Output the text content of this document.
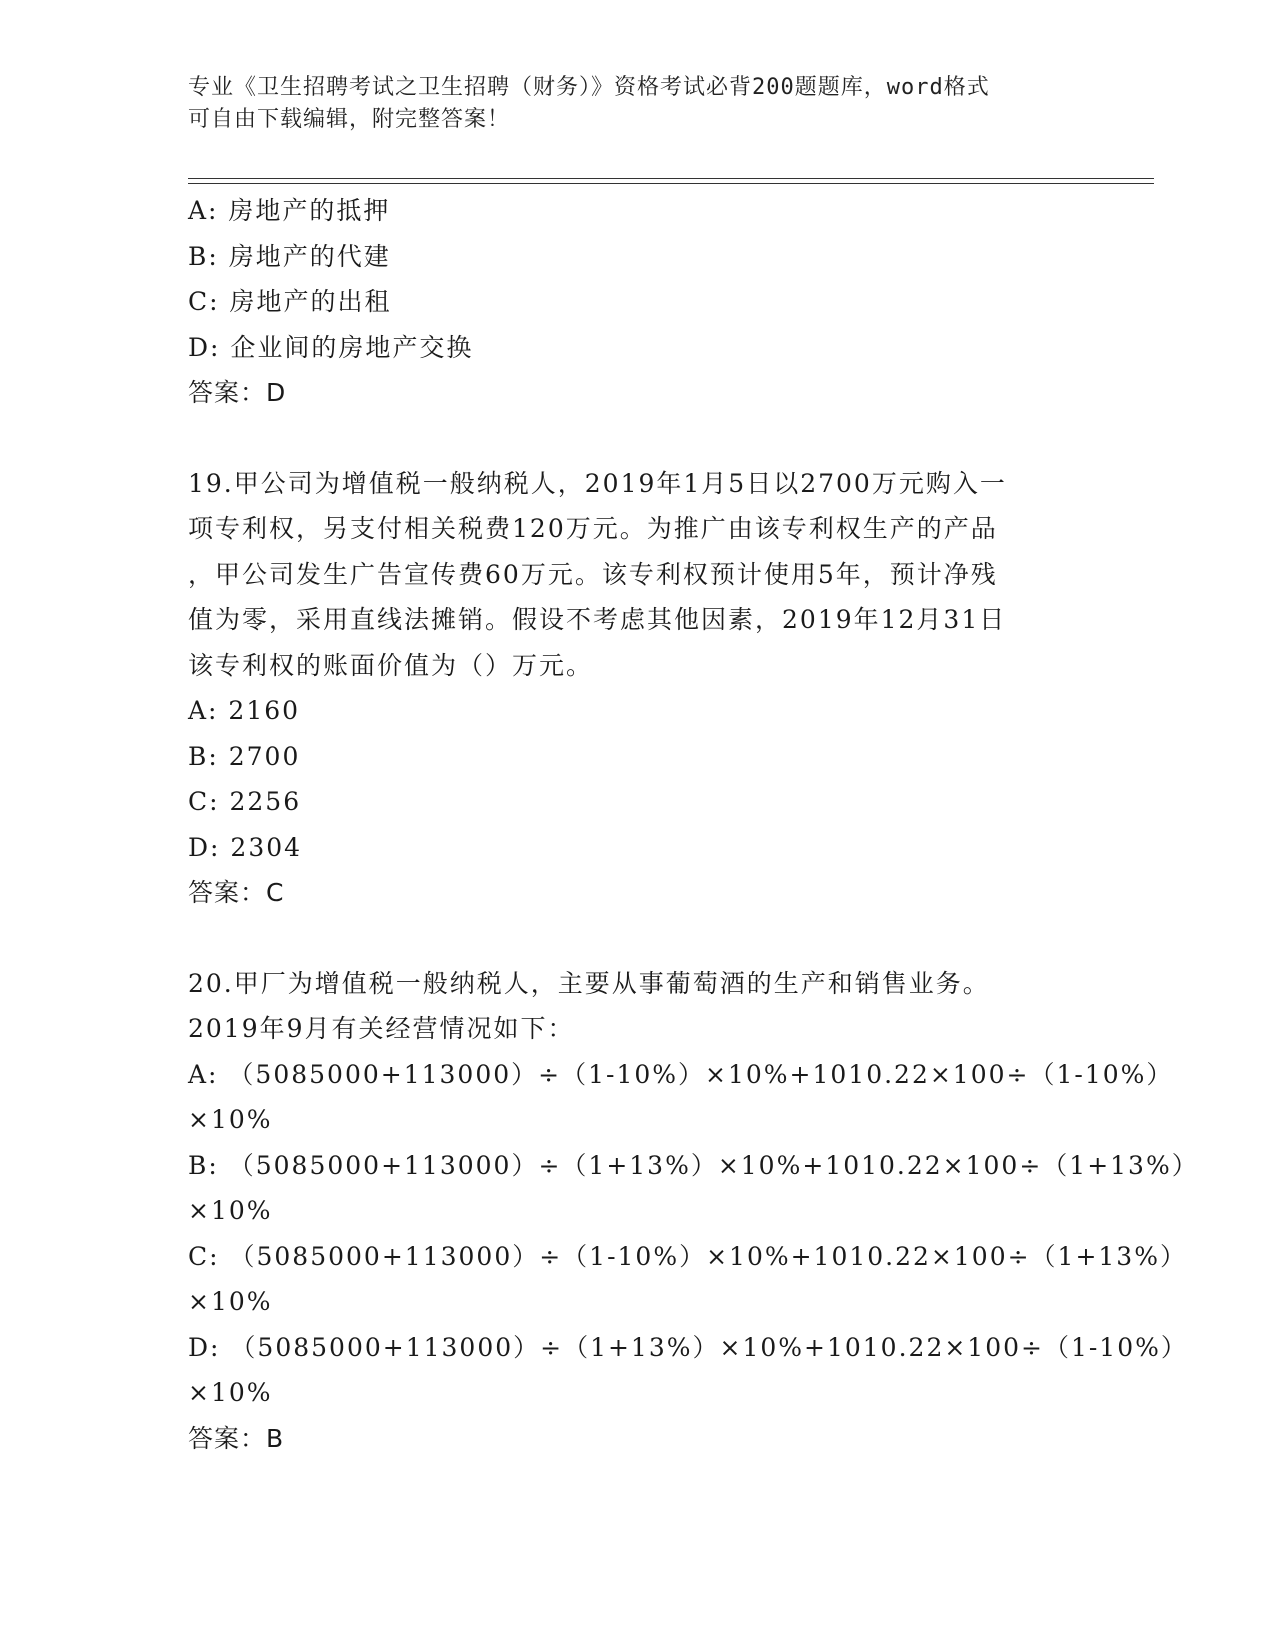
专业《卫生招聘考试之卫生招聘（财务）》资格考试必背200题题库，word格式
可自由下载编辑，附完整答案！
A: 房地产的抵押
B: 房地产的代建
C: 房地产的出租
D: 企业间的房地产交换
答案：D
19.甲公司为增值税一般纳税人，2019年1月5日以2700万元购入一
项专利权，另支付相关税费120万元。为推广由该专利权生产的产品
，甲公司发生广告宣传费60万元。该专利权预计使用5年，预计净残
值为零，采用直线法摊销。假设不考虑其他因素，2019年12月31日
该专利权的账面价值为（）万元。
A: 2160
B: 2700
C: 2256
D: 2304
答案：C
20.甲厂为增值税一般纳税人，主要从事葡萄酒的生产和销售业务。
2019年9月有关经营情况如下：
A: （5085000+113000）÷（1-10%）×10%+1010.22×100÷（1-10%）
×10%
B: （5085000+113000）÷（1+13%）×10%+1010.22×100÷（1+13%）
×10%
C: （5085000+113000）÷（1-10%）×10%+1010.22×100÷（1+13%）
×10%
D: （5085000+113000）÷（1+13%）×10%+1010.22×100÷（1-10%）
×10%
答案：B
